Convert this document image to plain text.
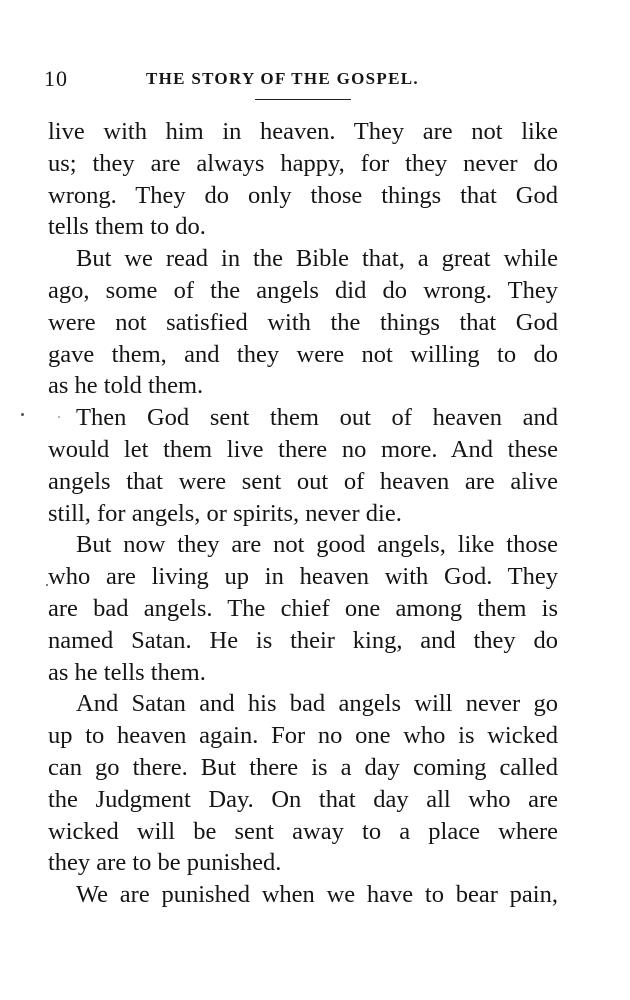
10	THE STORY OF THE GOSPEL.
live with him in heaven. They are not like
us; they are always happy, for they never do
wrong. They do only those things that God
tells them to do.
But we read in the Bible that, a great while
ago, some of the angels did do wrong. They
were not satisfied with the things that God
gave them, and they were not willing to do
as he told them.
Then God sent them out of heaven and
would let them live there no more. And these
angels that were sent out of heaven are alive
still, for angels, or spirits, never die.
But now they are not good angels, like those
who are living up in heaven with God. They
are bad angels. The chief one among them is
named Satan. He is their king, and they do
as he tells them.
And Satan and his bad angels will never go
up to heaven again. For no one who is wicked
can go there. But there is a day coming called
the Judgment Day. On that day all who are
wicked will be sent away to a place where
they are to be punished.
We are punished when we have to bear pain,
